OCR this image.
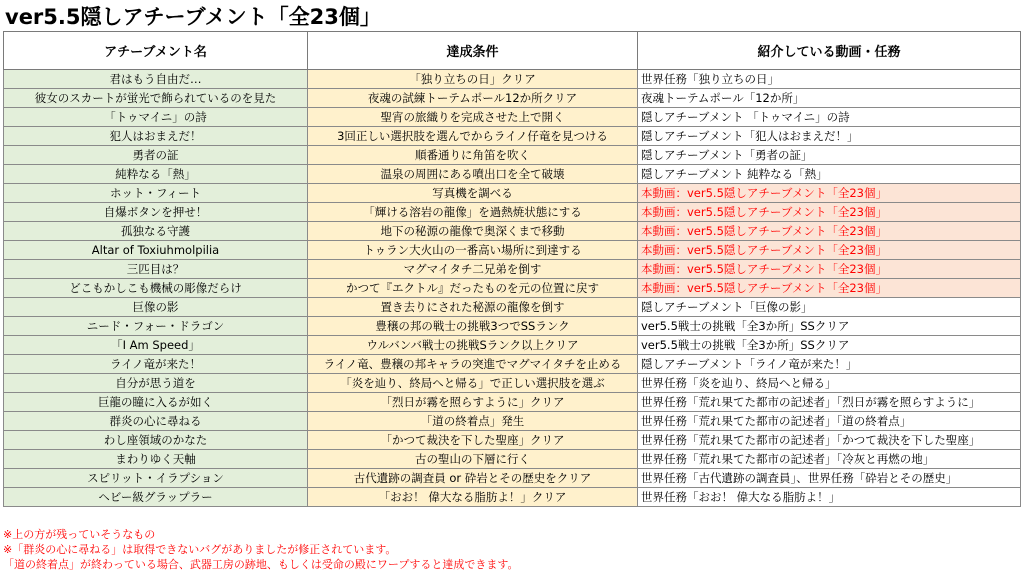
ver5.5隠しアチーブメント「全23個」
アチーブメント名	達成条件	紹介している動画・任務
君はもう自由だ…	「独り立ちの日」クリア	世界任務「独り立ちの日」
彼女のスカートが蛍光で飾られているのを見た	夜魂の試練トーテムポール12か所クリア	夜魂トーテムポール「12か所」
「トゥマイニ」の詩	聖宵の旅織りを完成させた上で開く	隠しアチーブメント 「トゥマイニ」の詩
犯人はおまえだ！	3回正しい選択肢を選んでからライノ仔竜を見つける	隠しアチーブメント「犯人はおまえだ！」
勇者の証	順番通りに角笛を吹く	隠しアチーブメント「勇者の証」
純粋なる「熱」	温泉の周囲にある噴出口を全て破壊	隠しアチーブメント 純粋なる「熱」
ホット・フィート	写真機を調べる	本動画：ver5.5隠しアチーブメント「全23個」
自爆ボタンを押せ！	「輝ける溶岩の龍像」を過熱焼状態にする	本動画：ver5.5隠しアチーブメント「全23個」
孤独なる守護	地下の秘源の龍像で奥深くまで移動	本動画：ver5.5隠しアチーブメント「全23個」
Altar of Toxiuhmolpilia	トゥラン大火山の一番高い場所に到達する	本動画：ver5.5隠しアチーブメント「全23個」
三匹目は？	マグマイタチ二兄弟を倒す	本動画：ver5.5隠しアチーブメント「全23個」
どこもかしこも機械の彫像だらけ	かつて『エクトル』だったものを元の位置に戻す	本動画：ver5.5隠しアチーブメント「全23個」
巨像の影	置き去りにされた秘源の龍像を倒す	隠しアチーブメント「巨像の影」
ニード・フォー・ドラゴン	豊穣の邦の戦士の挑戦3つでSSランク	ver5.5戦士の挑戦「全3か所」SSクリア
「I Am Speed」	ウルバンバ戦士の挑戦Sランク以上クリア	ver5.5戦士の挑戦「全3か所」SSクリア
ライノ竜が来た！	ライノ竜、豊穣の邦キャラの突進でマグマイタチを止める	隠しアチーブメント「ライノ竜が来た！」
自分が思う道を	「炎を辿り、終局へと帰る」で正しい選択肢を選ぶ	世界任務「炎を辿り、終局へと帰る」
巨龍の瞳に入るが如く	「烈日が霧を照らすように」クリア	世界任務「荒れ果てた都市の記述者」「烈日が霧を照らすように」
群炎の心に尋ねる	「道の終着点」発生	世界任務「荒れ果てた都市の記述者」「道の終着点」
わし座領域のかなた	「かつて裁決を下した聖座」クリア	世界任務「荒れ果てた都市の記述者」「かつて裁決を下した聖座」
まわりゆく天軸	古の聖山の下層に行く	世界任務「荒れ果てた都市の記述者」「冷灰と再燃の地」
スピリット・イラプション	古代遺跡の調査員 or 砕岩とその歴史をクリア	世界任務「古代遺跡の調査員」、世界任務「砕岩とその歴史」
ヘビー級グラップラー	「おお！ 偉大なる脂肪よ！」クリア	世界任務「おお！ 偉大なる脂肪よ！」
※上の方が残っていそうなもの
※「群炎の心に尋ねる」は取得できないバグがありましたが修正されています。
「道の終着点」が終わっている場合、武器工房の跡地、もしくは受命の殿にワープすると達成できます。
